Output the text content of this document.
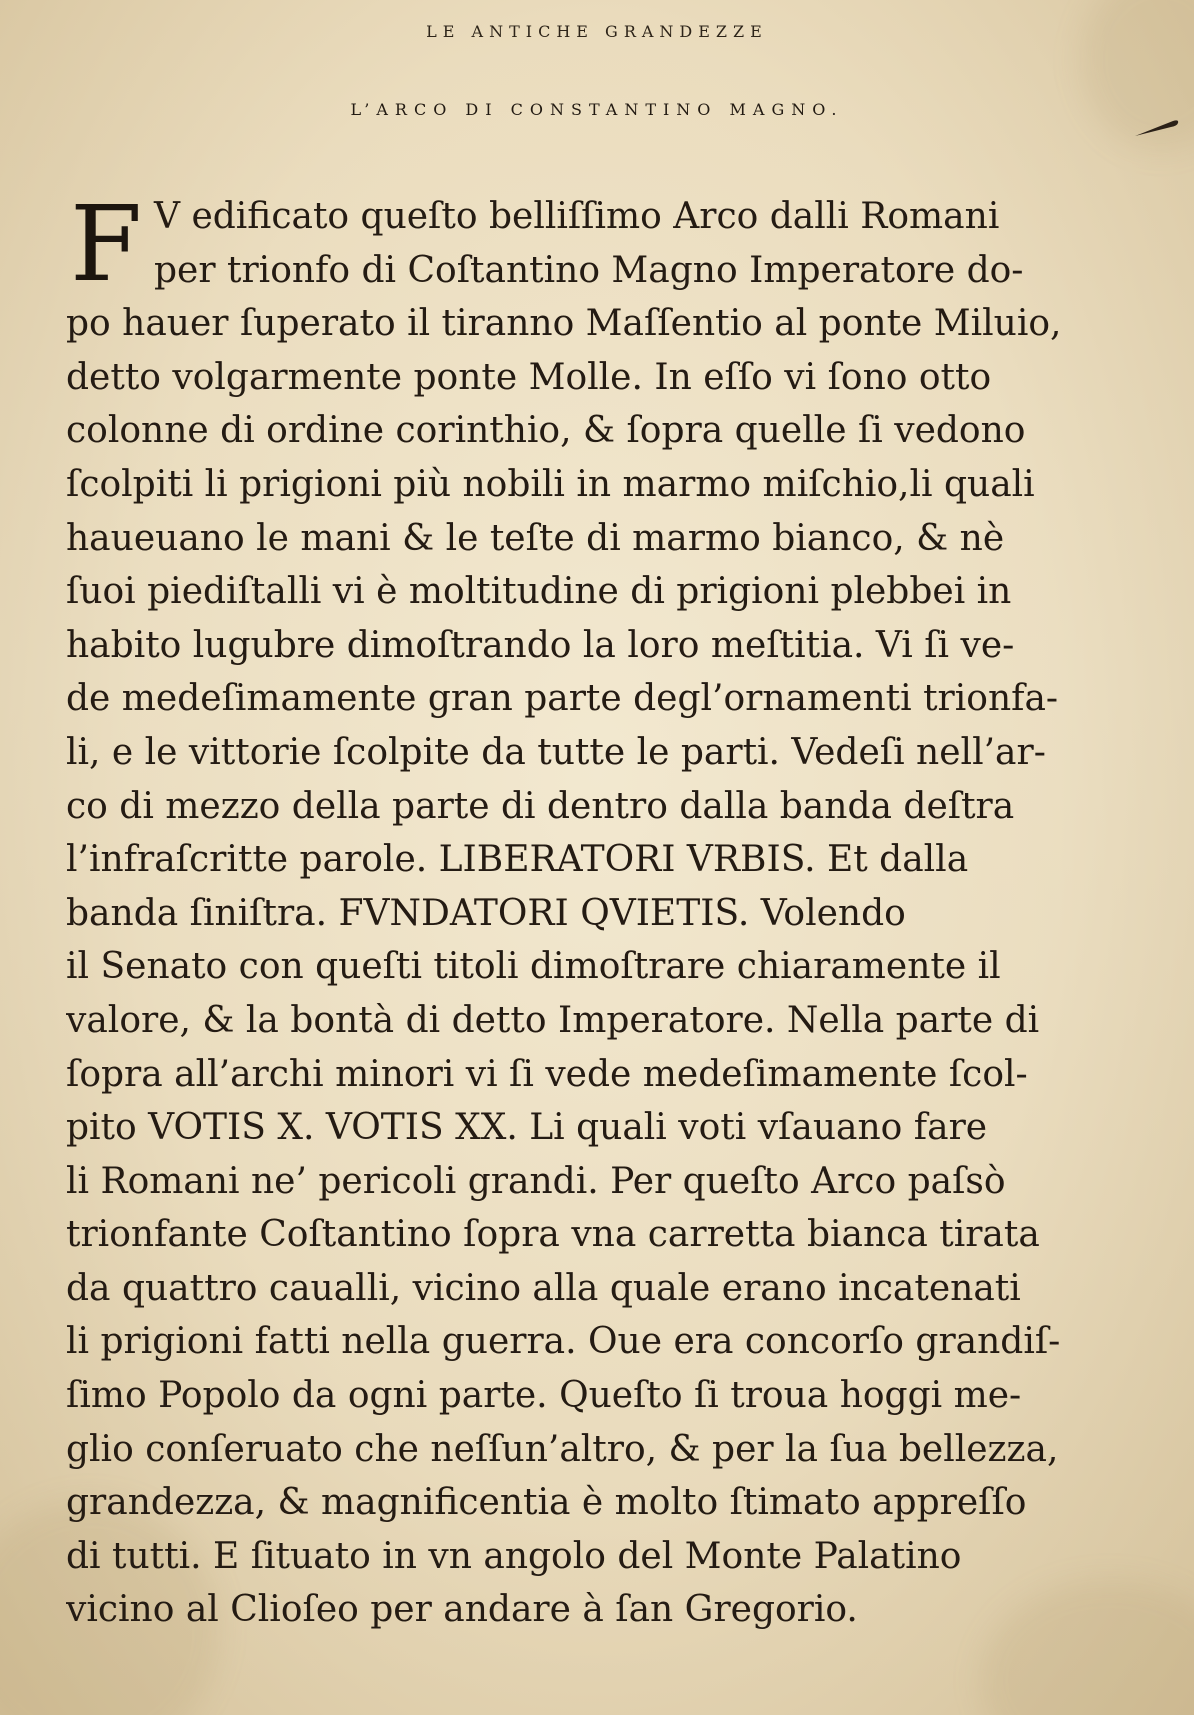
LE ANTICHE GRANDEZZE
L’ARCO DI CONSTANTINO MAGNO.
F V edificato queſto belliſſimo Arco dalli Romani
per trionfo di Coſtantino Magno Imperatore do-
po hauer ſuperato il tiranno Maſſentio al ponte Miluio,
detto volgarmente ponte Molle. In eſſo vi ſono otto
colonne di ordine corinthio, & ſopra quelle ſi vedono
ſcolpiti li prigioni più nobili in marmo miſchio,li quali
haueuano le mani & le teſte di marmo bianco, & nè
ſuoi piediſtalli vi è moltitudine di prigioni plebbei in
habito lugubre dimoſtrando la loro meſtitia. Vi ſi ve-
de medeſimamente gran parte degl’ornamenti trionfa-
li, e le vittorie ſcolpite da tutte le parti. Vedeſi nell’ar-
co di mezzo della parte di dentro dalla banda deſtra
l’infraſcritte parole. LIBERATORI VRBIS. Et dalla
banda ſiniſtra. FVNDATORI QVIETIS. Volendo
il Senato con queſti titoli dimoſtrare chiaramente il
valore, & la bontà di detto Imperatore. Nella parte di
ſopra all’archi minori vi ſi vede medeſimamente ſcol-
pito VOTIS X. VOTIS XX. Li quali voti vſauano fare
li Romani ne’ pericoli grandi. Per queſto Arco paſsò
trionfante Coſtantino ſopra vna carretta bianca tirata
da quattro caualli, vicino alla quale erano incatenati
li prigioni fatti nella guerra. Oue era concorſo grandiſ-
ſimo Popolo da ogni parte. Queſto ſi troua hoggi me-
glio conſeruato che neſſun’altro, & per la ſua bellezza,
grandezza, & magnificentia è molto ſtimato appreſſo
di tutti. E ſituato in vn angolo del Monte Palatino
vicino al Clioſeo per andare à ſan Gregorio.
